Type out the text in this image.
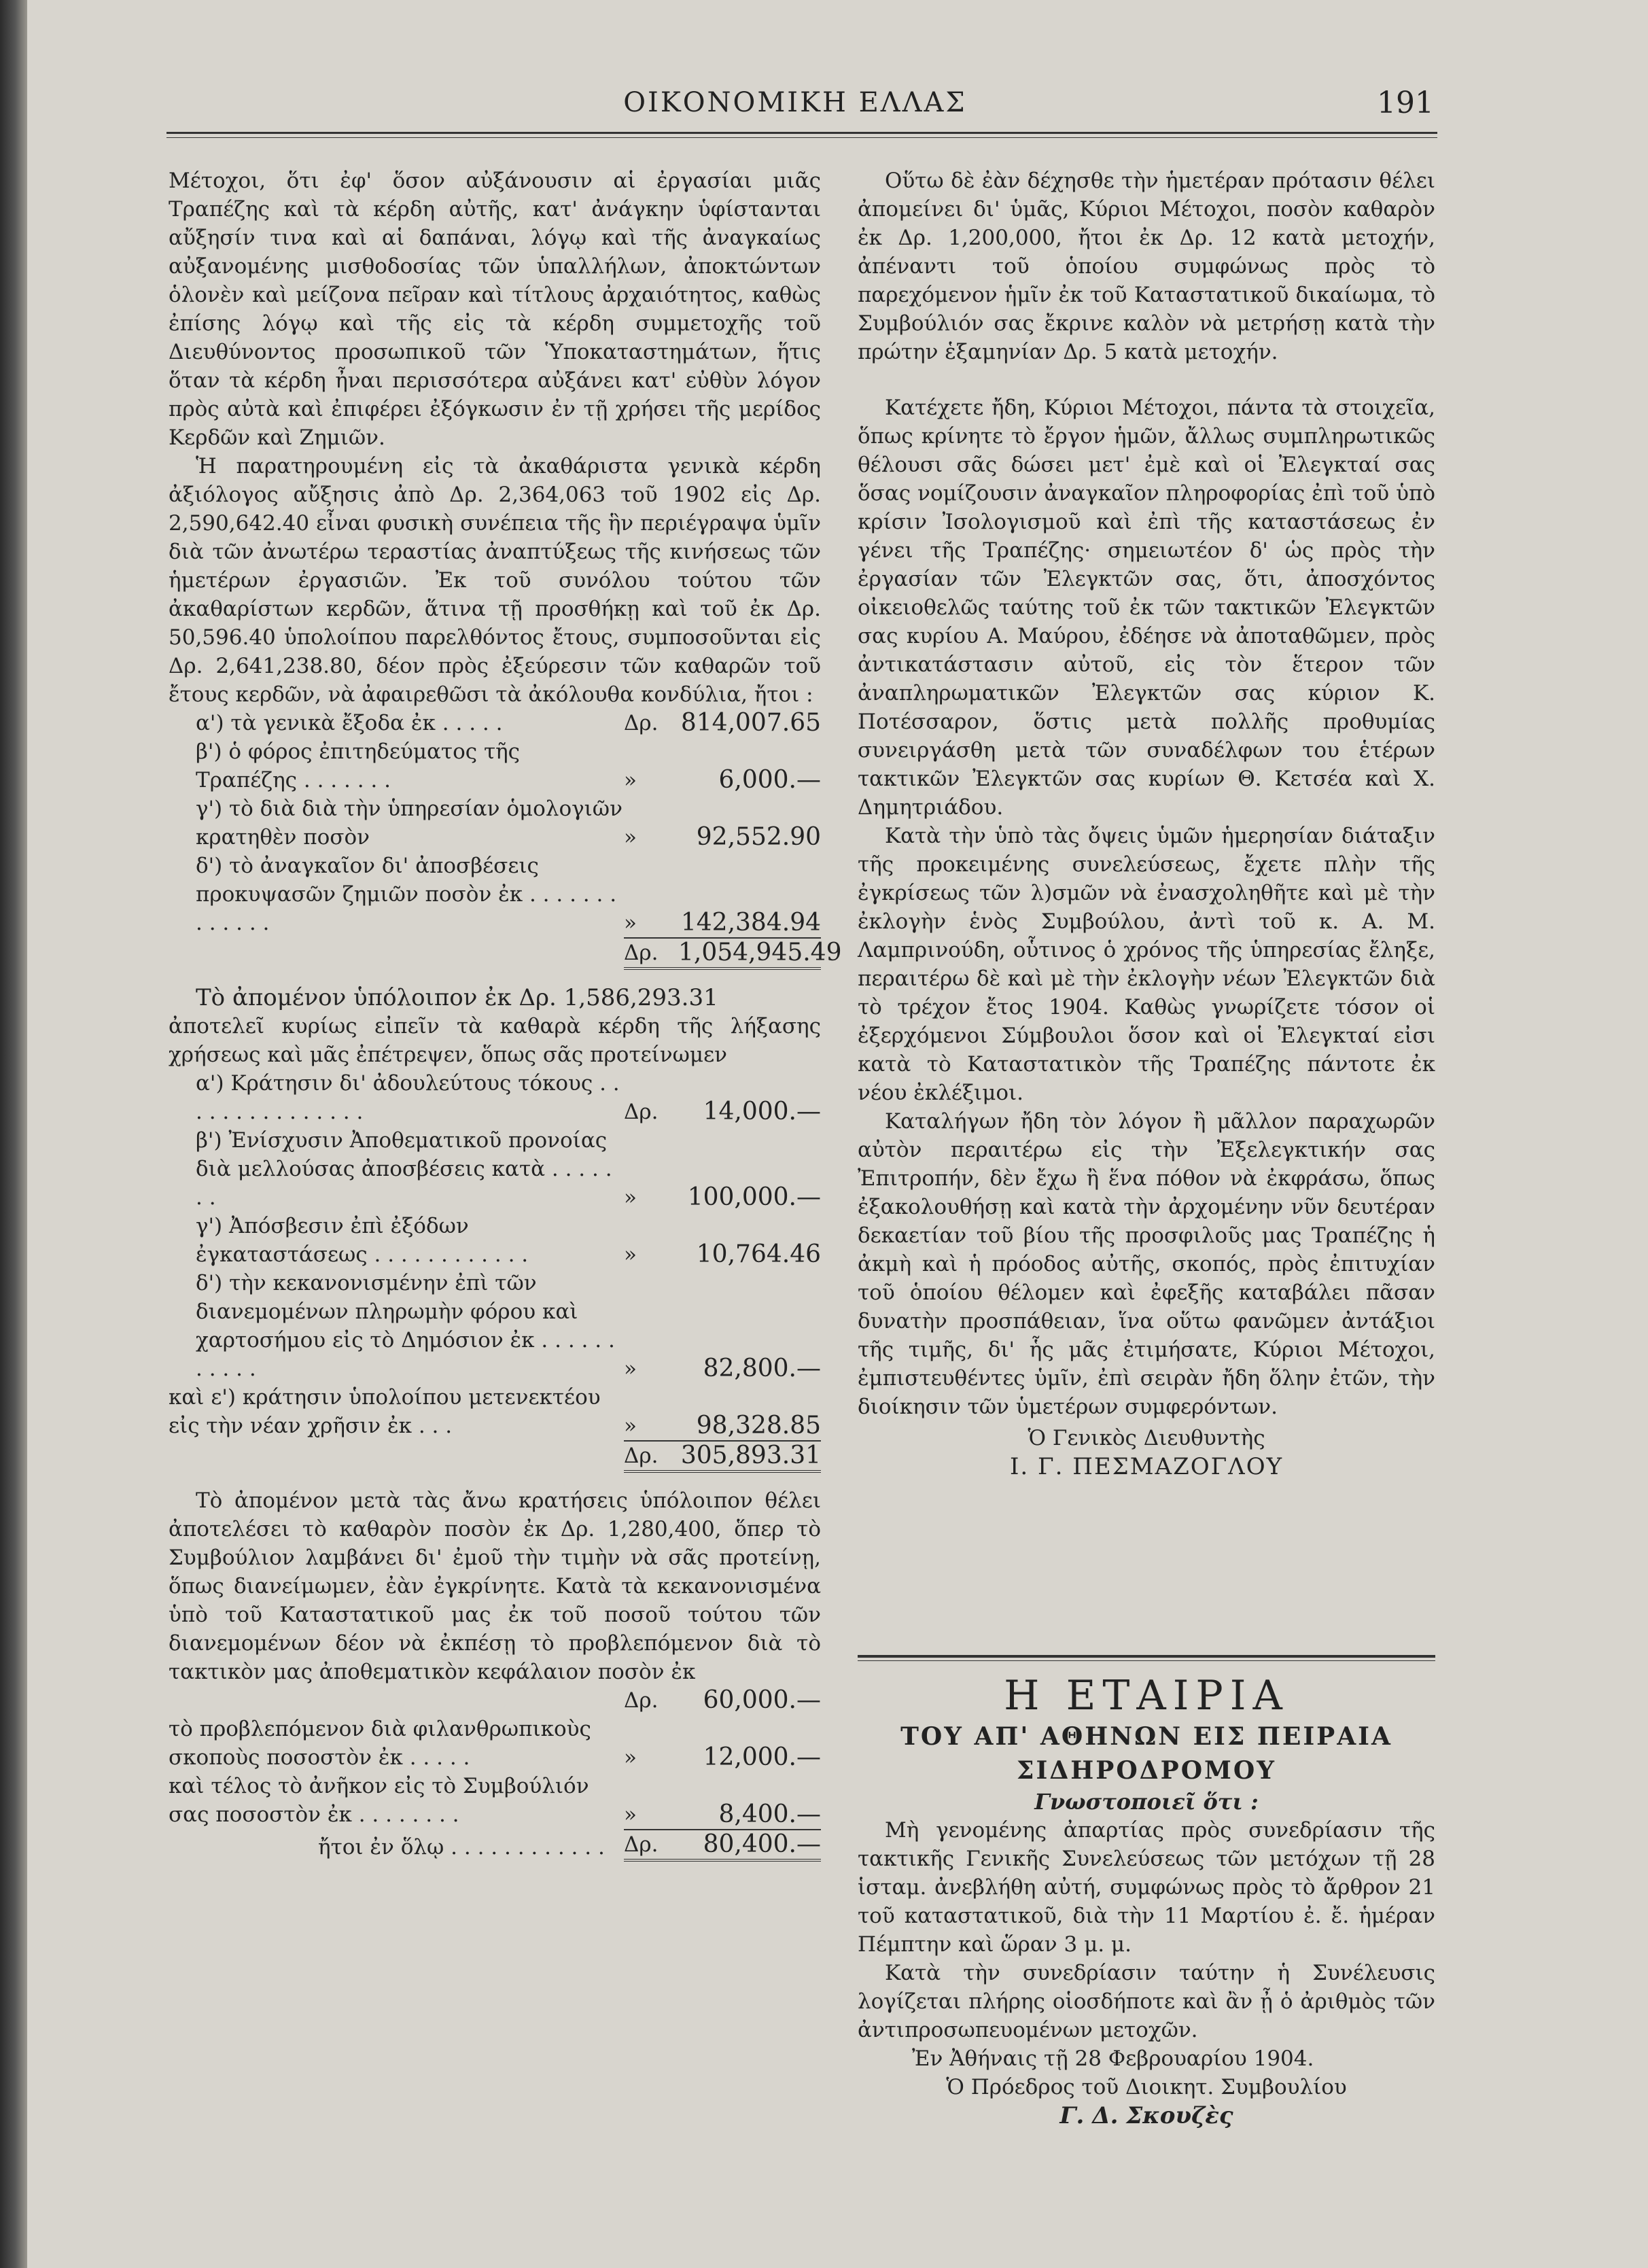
ΟΙΚΟΝΟΜΙΚΗ ΕΛΛΑΣ	191

Μέτοχοι, ὅτι ἐφ' ὅσον αὐξάνουσιν αἱ ἐργασίαι μιᾶς Τραπέζης καὶ τὰ κέρδη αὐτῆς, κατ' ἀνάγκην ὑφίστανται αὔξησίν τινα καὶ αἱ δαπάναι, λόγῳ καὶ τῆς ἀναγκαίως αὐξανομένης μισθοδοσίας τῶν ὑπαλλήλων, ἀποκτώντων ὁλονὲν καὶ μείζονα πεῖραν καὶ τίτλους ἀρχαιότητος, καθὼς ἐπίσης λόγῳ καὶ τῆς εἰς τὰ κέρδη συμμετοχῆς τοῦ Διευθύνοντος προσωπικοῦ τῶν Ὑποκαταστημάτων, ἥτις ὅταν τὰ κέρδη ἦναι περισσότερα αὐξάνει κατ' εὐθὺν λόγον πρὸς αὐτὰ καὶ ἐπιφέρει ἐξόγκωσιν ἐν τῇ χρήσει τῆς μερίδος Κερδῶν καὶ Ζημιῶν.

Ἡ παρατηρουμένη εἰς τὰ ἀκαθάριστα γενικὰ κέρδη ἀξιόλογος αὔξησις ἀπὸ Δρ. 2,364,063 τοῦ 1902 εἰς Δρ. 2,590,642.40 εἶναι φυσικὴ συνέπεια τῆς ἣν περιέγραψα ὑμῖν διὰ τῶν ἀνωτέρω τεραστίας ἀναπτύξεως τῆς κινήσεως τῶν ἡμετέρων ἐργασιῶν. Ἐκ τοῦ συνόλου τούτου τῶν ἀκαθαρίστων κερδῶν, ἅτινα τῇ προσθήκῃ καὶ τοῦ ἐκ Δρ. 50,596.40 ὑπολοίπου παρελθόντος ἔτους, συμποσοῦνται εἰς Δρ. 2,641,238.80, δέον πρὸς ἐξεύρεσιν τῶν καθαρῶν τοῦ ἔτους κερδῶν, νὰ ἀφαιρεθῶσι τὰ ἀκόλουθα κονδύλια, ἤτοι :

α') τὰ γενικὰ ἔξοδα ἐκ . . . . .	Δρ. 814,007.65
β') ὁ φόρος ἐπιτηδεύματος τῆς Τραπέζης . . . . . . .	»	6,000.—
γ') τὸ διὰ διὰ τὴν ὑπηρεσίαν ὁμολογιῶν κρατηθὲν ποσὸν	»	92,552.90
δ') τὸ ἀναγκαῖον δι' ἀποσβέσεις προκυψασῶν ζημιῶν ποσὸν ἐκ . . . . . . . . . . . . .	»	142,384.94
Δρ. 1,054,945.49

Τὸ ἀπομένον ὑπόλοιπον ἐκ Δρ. 1,586,293.31

ἀποτελεῖ κυρίως εἰπεῖν τὰ καθαρὰ κέρδη τῆς λήξασης χρήσεως καὶ μᾶς ἐπέτρεψεν, ὅπως σᾶς προτείνωμεν

α') Κράτησιν δι' ἀδουλεύτους τόκους . . . . . . . . . . . . . . .	Δρ.	14,000.—
β') Ἐνίσχυσιν Ἀποθεματικοῦ προνοίας διὰ μελλούσας ἀποσβέσεις κατὰ . . . . . . .	»	100,000.—
γ') Ἀπόσβεσιν ἐπὶ ἐξόδων ἐγκαταστάσεως . . . . . . . . . . . .	»	10,764.46
δ') τὴν κεκανονισμένην ἐπὶ τῶν διανεμομένων πληρωμὴν φόρου καὶ χαρτοσήμου εἰς τὸ Δημόσιον ἐκ . . . . . . . . . . .	»	82,800.—
καὶ ε') κράτησιν ὑπολοίπου μετενεκτέου εἰς τὴν νέαν χρῆσιν ἐκ . . .	»	98,328.85
Δρ. 305,893.31

Τὸ ἀπομένον μετὰ τὰς ἄνω κρατήσεις ὑπόλοιπον θέλει ἀποτελέσει τὸ καθαρὸν ποσὸν ἐκ Δρ. 1,280,400, ὅπερ τὸ Συμβούλιον λαμβάνει δι' ἐμοῦ τὴν τιμὴν νὰ σᾶς προτείνῃ, ὅπως διανείμωμεν, ἐὰν ἐγκρίνητε. Κατὰ τὰ κεκανονισμένα ὑπὸ τοῦ Καταστατικοῦ μας ἐκ τοῦ ποσοῦ τούτου τῶν διανεμομένων δέον νὰ ἐκπέσῃ τὸ προβλεπόμενον διὰ τὸ τακτικὸν μας ἀποθεματικὸν κεφάλαιον ποσὸν ἐκ

Δρ.	60,000.—
τὸ προβλεπόμενον διὰ φιλανθρωπικοὺς σκοποὺς ποσοστὸν ἐκ . . . . .	»	12,000.—
καὶ τέλος τὸ ἀνῆκον εἰς τὸ Συμβούλιόν σας ποσοστὸν ἐκ . . . . . . . .	»	8,400.—
ἤτοι ἐν ὅλῳ . . . . . . . . . . . . Δρ.	80,400.—

Οὕτω δὲ ἐὰν δέχησθε τὴν ἡμετέραν πρότασιν θέλει ἀπομείνει δι' ὑμᾶς, Κύριοι Μέτοχοι, ποσὸν καθαρὸν ἐκ Δρ. 1,200,000, ἤτοι ἐκ Δρ. 12 κατὰ μετοχήν, ἀπέναντι τοῦ ὁποίου συμφώνως πρὸς τὸ παρεχόμενον ἡμῖν ἐκ τοῦ Καταστατικοῦ δικαίωμα, τὸ Συμβούλιόν σας ἔκρινε καλὸν νὰ μετρήσῃ κατὰ τὴν πρώτην ἑξαμηνίαν Δρ. 5 κατὰ μετοχήν.

Κατέχετε ἤδη, Κύριοι Μέτοχοι, πάντα τὰ στοιχεῖα, ὅπως κρίνητε τὸ ἔργον ἡμῶν, ἄλλως συμπληρωτικῶς θέλουσι σᾶς δώσει μετ' ἐμὲ καὶ οἱ Ἐλεγκταί σας ὅσας νομίζουσιν ἀναγκαῖον πληροφορίας ἐπὶ τοῦ ὑπὸ κρίσιν Ἰσολογισμοῦ καὶ ἐπὶ τῆς καταστάσεως ἐν γένει τῆς Τραπέζης· σημειωτέον δ' ὡς πρὸς τὴν ἐργασίαν τῶν Ἐλεγκτῶν σας, ὅτι, ἀποσχόντος οἰκειοθελῶς ταύτης τοῦ ἐκ τῶν τακτικῶν Ἐλεγκτῶν σας κυρίου Α. Μαύρου, ἐδέησε νὰ ἀποταθῶμεν, πρὸς ἀντικατάστασιν αὐτοῦ, εἰς τὸν ἕτερον τῶν ἀναπληρωματικῶν Ἐλεγκτῶν σας κύριον Κ. Ποτέσσαρον, ὅστις μετὰ πολλῆς προθυμίας συνειργάσθη μετὰ τῶν συναδέλφων του ἑτέρων τακτικῶν Ἐλεγκτῶν σας κυρίων Θ. Κετσέα καὶ Χ. Δημητριάδου.

Κατὰ τὴν ὑπὸ τὰς ὄψεις ὑμῶν ἡμερησίαν διάταξιν τῆς προκειμένης συνελεύσεως, ἔχετε πλὴν τῆς ἐγκρίσεως τῶν λ)σμῶν νὰ ἐνασχοληθῆτε καὶ μὲ τὴν ἐκλογὴν ἑνὸς Συμβούλου, ἀντὶ τοῦ κ. Α. Μ. Λαμπρινούδη, οὗτινος ὁ χρόνος τῆς ὑπηρεσίας ἔληξε, περαιτέρω δὲ καὶ μὲ τὴν ἐκλογὴν νέων Ἐλεγκτῶν διὰ τὸ τρέχον ἔτος 1904. Καθὼς γνωρίζετε τόσον οἱ ἐξερχόμενοι Σύμβουλοι ὅσον καὶ οἱ Ἐλεγκταί εἰσι κατὰ τὸ Καταστατικὸν τῆς Τραπέζης πάντοτε ἐκ νέου ἐκλέξιμοι.

Καταλήγων ἤδη τὸν λόγον ἢ μᾶλλον παραχωρῶν αὐτὸν περαιτέρω εἰς τὴν Ἐξελεγκτικήν σας Ἐπιτροπήν, δὲν ἔχω ἢ ἕνα πόθον νὰ ἐκφράσω, ὅπως ἐξακολουθήσῃ καὶ κατὰ τὴν ἀρχομένην νῦν δευτέραν δεκαετίαν τοῦ βίου τῆς προσφιλοῦς μας Τραπέζης ἡ ἀκμὴ καὶ ἡ πρόοδος αὐτῆς, σκοπός, πρὸς ἐπιτυχίαν τοῦ ὁποίου θέλομεν καὶ ἐφεξῆς καταβάλει πᾶσαν δυνατὴν προσπάθειαν, ἵνα οὕτω φανῶμεν ἀντάξιοι τῆς τιμῆς, δι' ἧς μᾶς ἐτιμήσατε, Κύριοι Μέτοχοι, ἐμπιστευθέντες ὑμῖν, ἐπὶ σειρὰν ἤδη ὅλην ἐτῶν, τὴν διοίκησιν τῶν ὑμετέρων συμφερόντων.

Ὁ Γενικὸς Διευθυντὴς
Ι. Γ. ΠΕΣΜΑΖΟΓΛΟΥ
Η ΕΤΑΙΡΙΑ
ΤΟΥ ΑΠ' ΑΘΗΝΩΝ ΕΙΣ ΠΕΙΡΑΙΑ ΣΙΔΗΡΟΔΡΟΜΟΥ
Γνωστοποιεῖ ὅτι :

Μὴ γενομένης ἀπαρτίας πρὸς συνεδρίασιν τῆς τακτικῆς Γενικῆς Συνελεύσεως τῶν μετόχων τῇ 28 ἱσταμ. ἀνεβλήθη αὐτή, συμφώνως πρὸς τὸ ἄρθρον 21 τοῦ καταστατικοῦ, διὰ τὴν 11 Μαρτίου ἐ. ἔ. ἡμέραν Πέμπτην καὶ ὥραν 3 μ. μ.

Κατὰ τὴν συνεδρίασιν ταύτην ἡ Συνέλευσις λογίζεται πλήρης οἱοσδήποτε καὶ ἂν ᾖ ὁ ἀριθμὸς τῶν ἀντιπροσωπευομένων μετοχῶν.

Ἐν Ἀθήναις τῇ 28 Φεβρουαρίου 1904.

Ὁ Πρόεδρος τοῦ Διοικητ. Συμβουλίου

Γ. Δ. Σκουζὲς
